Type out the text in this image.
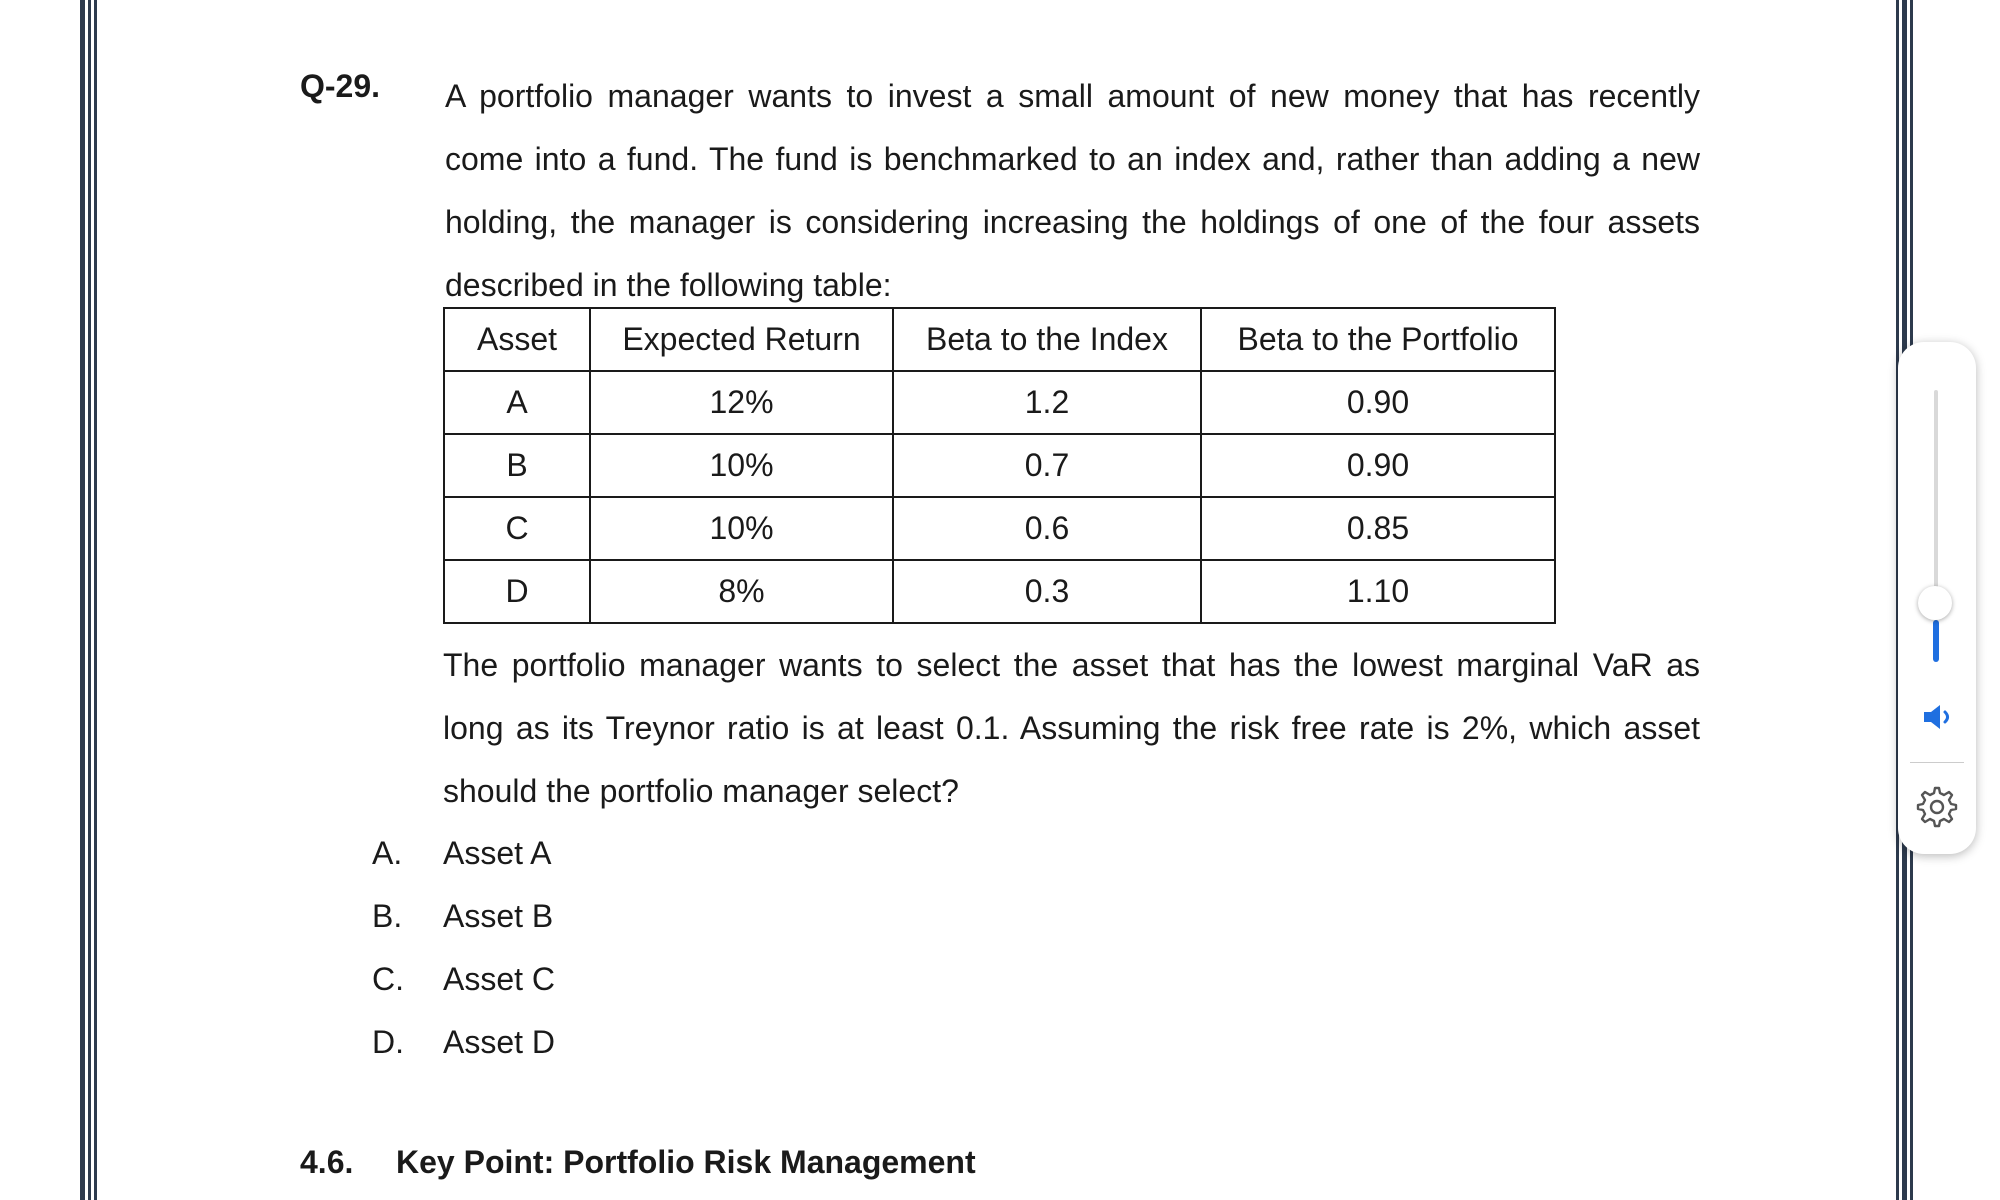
Q-29. A portfolio manager wants to invest a small amount of new money that has recently come into a fund. The fund is benchmarked to an index and, rather than adding a new holding, the manager is considering increasing the holdings of one of the four assets described in the following table:

Asset	Expected Return	Beta to the Index	Beta to the Portfolio
A	12%	1.2	0.90
B	10%	0.7	0.90
C	10%	0.6	0.85
D	8%	0.3	1.10

The portfolio manager wants to select the asset that has the lowest marginal VaR as long as its Treynor ratio is at least 0.1. Assuming the risk free rate is 2%, which asset should the portfolio manager select?

A.	Asset A
B.	Asset B
C.	Asset C
D.	Asset D
4.6. Key Point: Portfolio Risk Management
